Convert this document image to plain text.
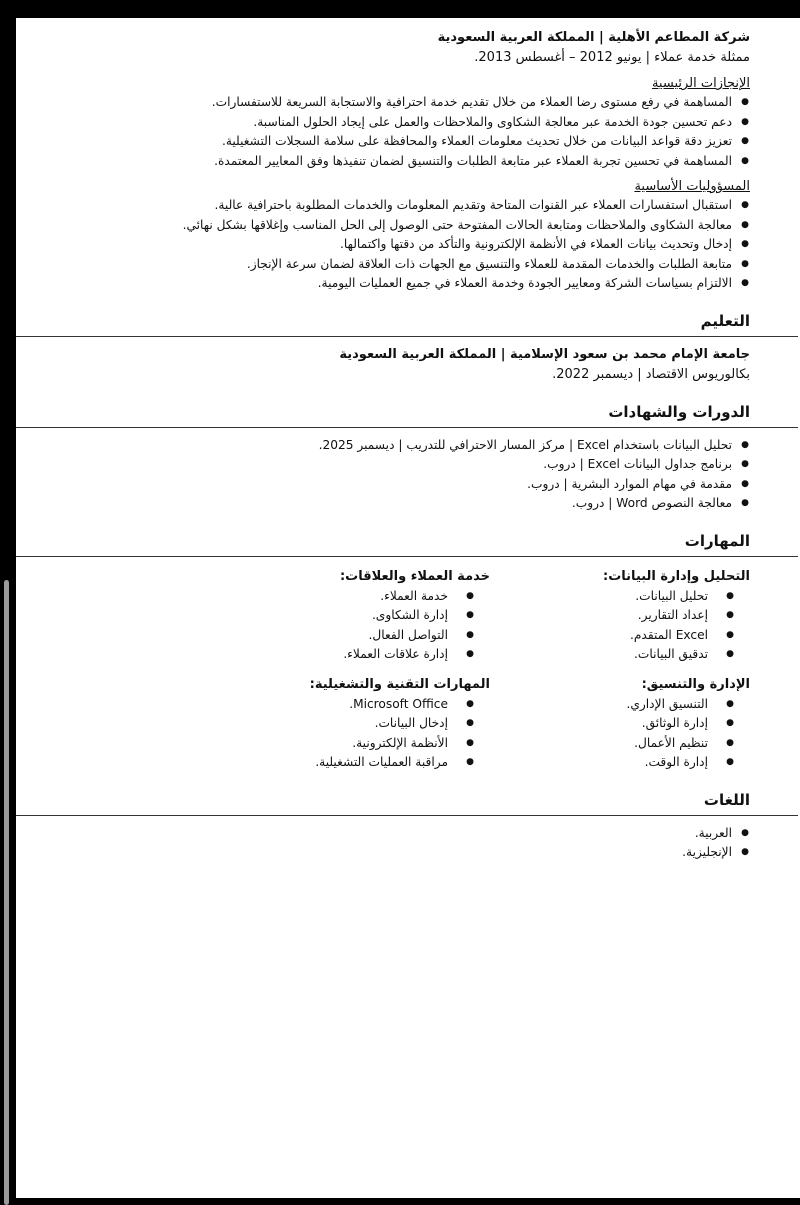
شركة المطاعم الأهلية | المملكة العربية السعودية
ممثلة خدمة عملاء | يونيو 2012 – أغسطس 2013.
الإنجازات الرئيسية
● المساهمة في رفع مستوى رضا العملاء من خلال تقديم خدمة احترافية والاستجابة السريعة للاستفسارات.
● دعم تحسين جودة الخدمة عبر معالجة الشكاوى والملاحظات والعمل على إيجاد الحلول المناسبة.
● تعزيز دقة قواعد البيانات من خلال تحديث معلومات العملاء والمحافظة على سلامة السجلات التشغيلية.
● المساهمة في تحسين تجربة العملاء عبر متابعة الطلبات والتنسيق لضمان تنفيذها وفق المعايير المعتمدة.
المسؤوليات الأساسية
● استقبال استفسارات العملاء عبر القنوات المتاحة وتقديم المعلومات والخدمات المطلوبة باحترافية عالية.
● معالجة الشكاوى والملاحظات ومتابعة الحالات المفتوحة حتى الوصول إلى الحل المناسب وإغلاقها بشكل نهائي.
● إدخال وتحديث بيانات العملاء في الأنظمة الإلكترونية والتأكد من دقتها واكتمالها.
● متابعة الطلبات والخدمات المقدمة للعملاء والتنسيق مع الجهات ذات العلاقة لضمان سرعة الإنجاز.
● الالتزام بسياسات الشركة ومعايير الجودة وخدمة العملاء في جميع العمليات اليومية.
التعليم
جامعة الإمام محمد بن سعود الإسلامية | المملكة العربية السعودية
بكالوريوس الاقتصاد | ديسمبر 2022.
الدورات والشهادات
● تحليل البيانات باستخدام Excel | مركز المسار الاحترافي للتدريب | ديسمبر 2025.
● برنامج جداول البيانات Excel | دروب.
● مقدمة في مهام الموارد البشرية | دروب.
● معالجة النصوص Word | دروب.
المهارات
التحليل وإدارة البيانات:
● تحليل البيانات.
● إعداد التقارير.
● Excel المتقدم.
● تدقيق البيانات.
الإدارة والتنسيق:
● التنسيق الإداري.
● إدارة الوثائق.
● تنظيم الأعمال.
● إدارة الوقت.
خدمة العملاء والعلاقات:
● خدمة العملاء.
● إدارة الشكاوى.
● التواصل الفعال.
● إدارة علاقات العملاء.
المهارات التقنية والتشغيلية:
● Microsoft Office.
● إدخال البيانات.
● الأنظمة الإلكترونية.
● مراقبة العمليات التشغيلية.
اللغات
● العربية.
● الإنجليزية.
